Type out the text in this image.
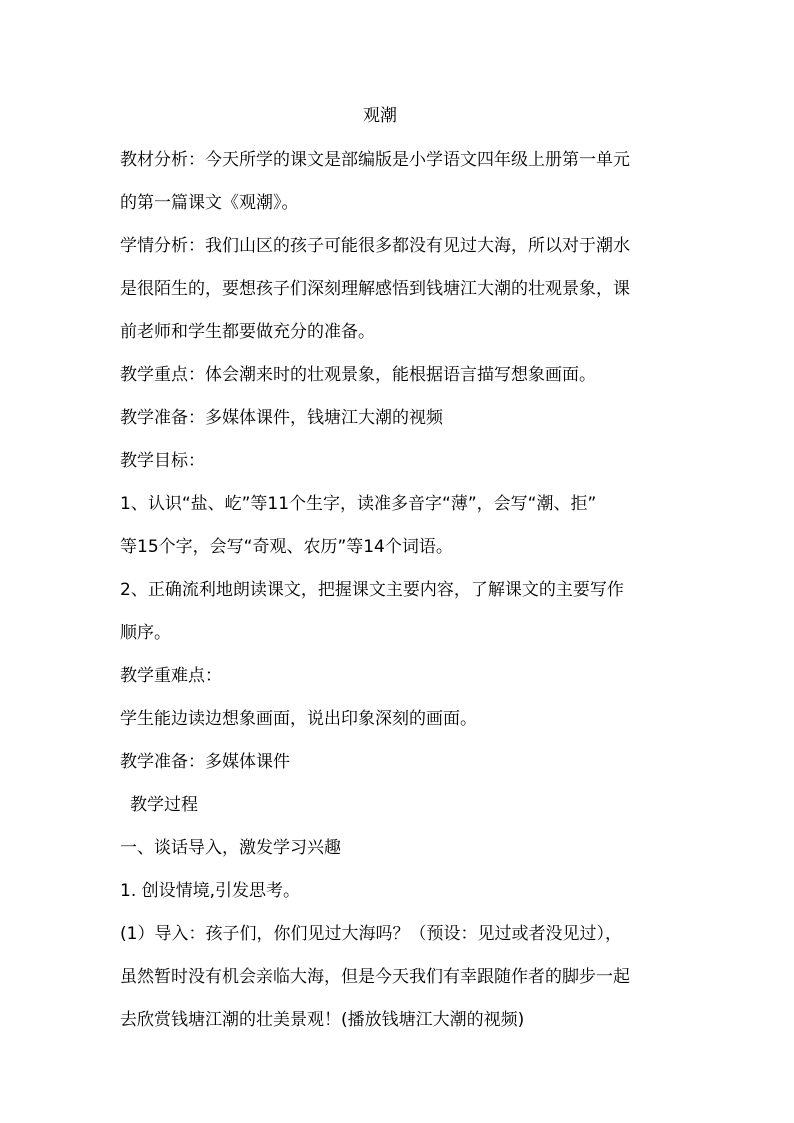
观潮
教材分析：今天所学的课文是部编版是小学语文四年级上册第一单元
的第一篇课文《观潮》。
学情分析：我们山区的孩子可能很多都没有见过大海，所以对于潮水
是很陌生的，要想孩子们深刻理解感悟到钱塘江大潮的壮观景象，课
前老师和学生都要做充分的准备。
教学重点：体会潮来时的壮观景象，能根据语言描写想象画面。
教学准备：多媒体课件，钱塘江大潮的视频
教学目标：
1、认识“盐、屹”等11个生字，读准多音字“薄”，会写“潮、拒”
等15个字，会写“奇观、农历”等14个词语。
2、正确流利地朗读课文，把握课文主要内容，了解课文的主要写作
顺序。
教学重难点：
学生能边读边想象画面，说出印象深刻的画面。
教学准备：多媒体课件
教学过程
一、谈话导入，激发学习兴趣
1. 创设情境,引发思考。
(1）导入：孩子们，你们见过大海吗？（预设：见过或者没见过），
虽然暂时没有机会亲临大海，但是今天我们有幸跟随作者的脚步一起
去欣赏钱塘江潮的壮美景观！(播放钱塘江大潮的视频)
